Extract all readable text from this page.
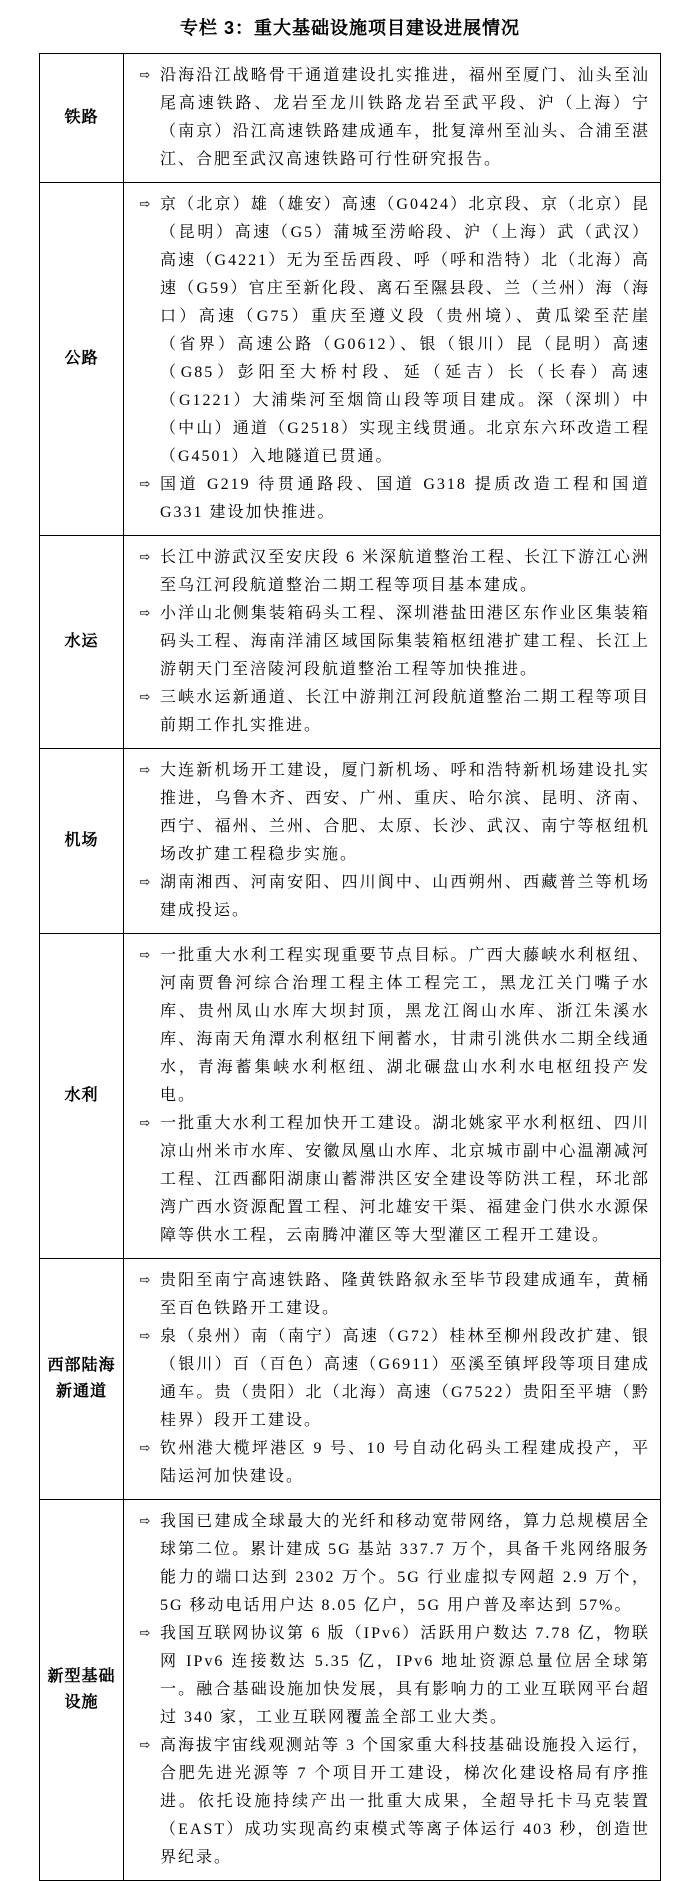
专栏 3：重大基础设施项目建设进展情况
铁路
⇨ 沿海沿江战略骨干通道建设扎实推进，福州至厦门、汕头至汕尾高速铁路、龙岩至龙川铁路龙岩至武平段、沪（上海）宁（南京）沿江高速铁路建成通车，批复漳州至汕头、合浦至湛江、合肥至武汉高速铁路可行性研究报告。
公路
⇨ 京（北京）雄（雄安）高速（G0424）北京段、京（北京）昆（昆明）高速（G5）蒲城至涝峪段、沪（上海）武（武汉）高速（G4221）无为至岳西段、呼（呼和浩特）北（北海）高速（G59）官庄至新化段、离石至隰县段、兰（兰州）海（海口）高速（G75）重庆至遵义段（贵州境）、黄瓜梁至茫崖（省界）高速公路（G0612）、银（银川）昆（昆明）高速（G85）彭阳至大桥村段、延（延吉）长（长春）高速（G1221）大浦柴河至烟筒山段等项目建成。深（深圳）中（中山）通道（G2518）实现主线贯通。北京东六环改造工程（G4501）入地隧道已贯通。
⇨ 国道 G219 待贯通路段、国道 G318 提质改造工程和国道 G331 建设加快推进。
水运
⇨ 长江中游武汉至安庆段 6 米深航道整治工程、长江下游江心洲至乌江河段航道整治二期工程等项目基本建成。
⇨ 小洋山北侧集装箱码头工程、深圳港盐田港区东作业区集装箱码头工程、海南洋浦区域国际集装箱枢纽港扩建工程、长江上游朝天门至涪陵河段航道整治工程等加快推进。
⇨ 三峡水运新通道、长江中游荆江河段航道整治二期工程等项目前期工作扎实推进。
机场
⇨ 大连新机场开工建设，厦门新机场、呼和浩特新机场建设扎实推进，乌鲁木齐、西安、广州、重庆、哈尔滨、昆明、济南、西宁、福州、兰州、合肥、太原、长沙、武汉、南宁等枢纽机场改扩建工程稳步实施。
⇨ 湖南湘西、河南安阳、四川阆中、山西朔州、西藏普兰等机场建成投运。
水利
⇨ 一批重大水利工程实现重要节点目标。广西大藤峡水利枢纽、河南贾鲁河综合治理工程主体工程完工，黑龙江关门嘴子水库、贵州凤山水库大坝封顶，黑龙江阁山水库、浙江朱溪水库、海南天角潭水利枢纽下闸蓄水，甘肃引洮供水二期全线通水，青海蓄集峡水利枢纽、湖北碾盘山水利水电枢纽投产发电。
⇨ 一批重大水利工程加快开工建设。湖北姚家平水利枢纽、四川凉山州米市水库、安徽凤凰山水库、北京城市副中心温潮减河工程、江西鄱阳湖康山蓄滞洪区安全建设等防洪工程，环北部湾广西水资源配置工程、河北雄安干渠、福建金门供水水源保障等供水工程，云南腾冲灌区等大型灌区工程开工建设。
西部陆海新通道
⇨ 贵阳至南宁高速铁路、隆黄铁路叙永至毕节段建成通车，黄桶至百色铁路开工建设。
⇨ 泉（泉州）南（南宁）高速（G72）桂林至柳州段改扩建、银（银川）百（百色）高速（G6911）巫溪至镇坪段等项目建成通车。贵（贵阳）北（北海）高速（G7522）贵阳至平塘（黔桂界）段开工建设。
⇨ 钦州港大榄坪港区 9 号、10 号自动化码头工程建成投产，平陆运河加快建设。
新型基础设施
⇨ 我国已建成全球最大的光纤和移动宽带网络，算力总规模居全球第二位。累计建成 5G 基站 337.7 万个，具备千兆网络服务能力的端口达到 2302 万个。5G 行业虚拟专网超 2.9 万个，5G 移动电话用户达 8.05 亿户，5G 用户普及率达到 57%。
⇨ 我国互联网协议第 6 版（IPv6）活跃用户数达 7.78 亿，物联网 IPv6 连接数达 5.35 亿，IPv6 地址资源总量位居全球第一。融合基础设施加快发展，具有影响力的工业互联网平台超过 340 家，工业互联网覆盖全部工业大类。
⇨ 高海拔宇宙线观测站等 3 个国家重大科技基础设施投入运行，合肥先进光源等 7 个项目开工建设，梯次化建设格局有序推进。依托设施持续产出一批重大成果，全超导托卡马克装置（EAST）成功实现高约束模式等离子体运行 403 秒，创造世界纪录。
